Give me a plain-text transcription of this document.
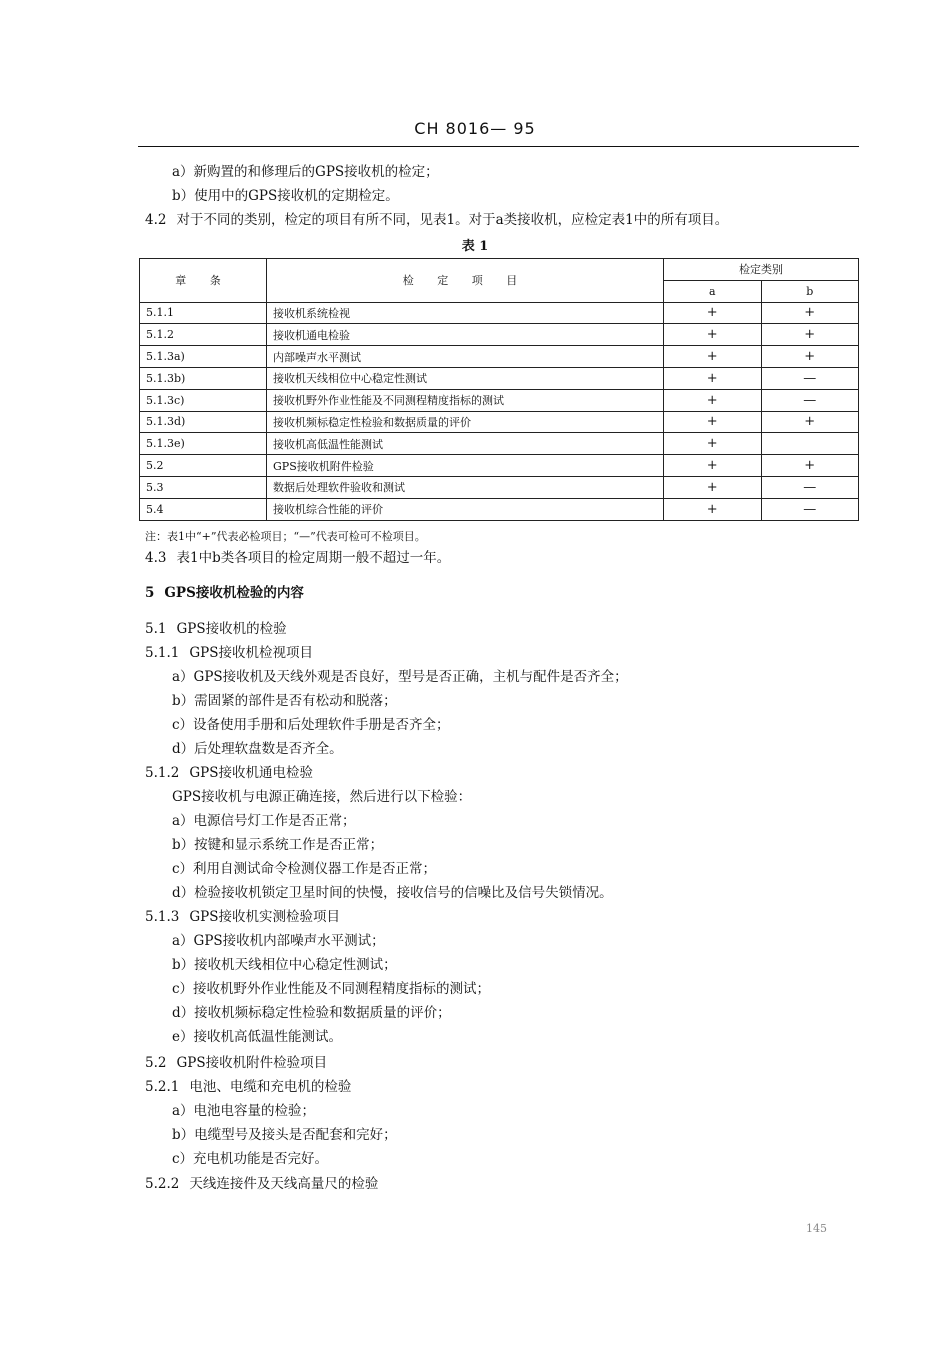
CH 8016— 95
a）新购置的和修理后的GPS接收机的检定；
b）使用中的GPS接收机的定期检定。
4.2 对于不同的类别，检定的项目有所不同，见表1。对于a类接收机，应检定表1中的所有项目。
表 1
章 条	检 定 项 目	检定类别	
		a	b
5.1.1	接收机系统检视	+	+
5.1.2	接收机通电检验	+	+
5.1.3a)	内部噪声水平测试	+	+
5.1.3b)	接收机天线相位中心稳定性测试	+	—
5.1.3c)	接收机野外作业性能及不同测程精度指标的测试	+	—
5.1.3d)	接收机频标稳定性检验和数据质量的评价	+	+
5.1.3e)	接收机高低温性能测试	+	
5.2	GPS接收机附件检验	+	+
5.3	数据后处理软件验收和测试	+	—
5.4	接收机综合性能的评价	+	—
注：表1中“+”代表必检项目；“—”代表可检可不检项目。
4.3 表1中b类各项目的检定周期一般不超过一年。
5 GPS接收机检验的内容
5.1 GPS接收机的检验
5.1.1 GPS接收机检视项目
a）GPS接收机及天线外观是否良好，型号是否正确，主机与配件是否齐全；
b）需固紧的部件是否有松动和脱落；
c）设备使用手册和后处理软件手册是否齐全；
d）后处理软盘数是否齐全。
5.1.2 GPS接收机通电检验
GPS接收机与电源正确连接，然后进行以下检验：
a）电源信号灯工作是否正常；
b）按键和显示系统工作是否正常；
c）利用自测试命令检测仪器工作是否正常；
d）检验接收机锁定卫星时间的快慢，接收信号的信噪比及信号失锁情况。
5.1.3 GPS接收机实测检验项目
a）GPS接收机内部噪声水平测试；
b）接收机天线相位中心稳定性测试；
c）接收机野外作业性能及不同测程精度指标的测试；
d）接收机频标稳定性检验和数据质量的评价；
e）接收机高低温性能测试。
5.2 GPS接收机附件检验项目
5.2.1 电池、电缆和充电机的检验
a）电池电容量的检验；
b）电缆型号及接头是否配套和完好；
c）充电机功能是否完好。
5.2.2 天线连接件及天线高量尺的检验
145
